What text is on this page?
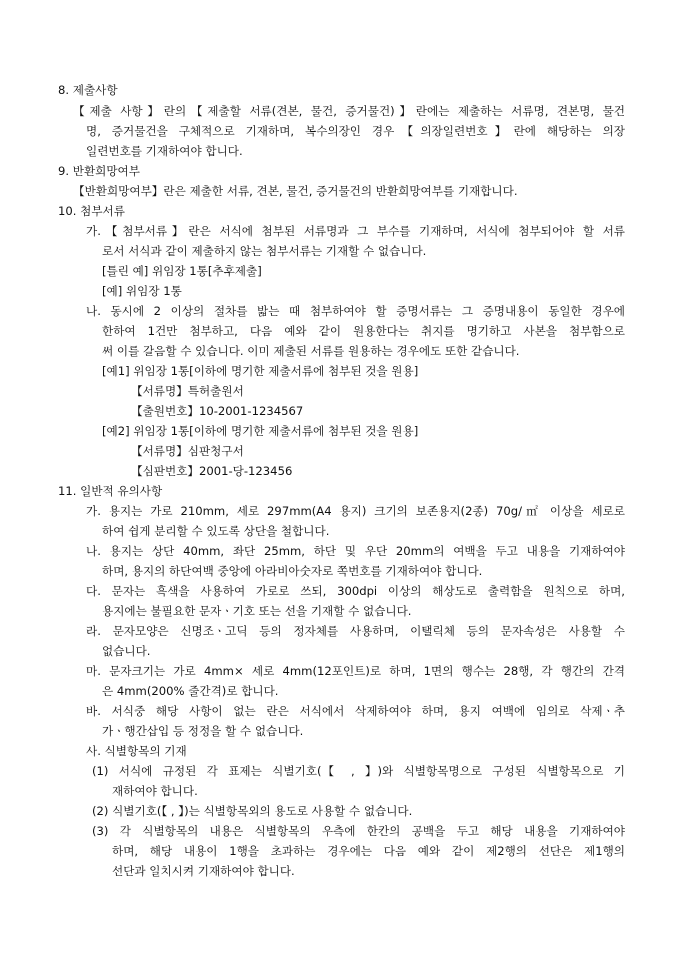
8. 제출사항
【제출 사항】란의【제출할 서류(견본, 물건, 증거물건)】란에는 제출하는 서류명, 견본명, 물건
명, 증거물건을 구체적으로 기재하며, 복수의장인 경우【의장일련번호】란에 해당하는 의장
일련번호를 기재하여야 합니다.
9. 반환희망여부
【반환희망여부】란은 제출한 서류, 견본, 물건, 증거물건의 반환희망여부를 기재합니다.
10. 첨부서류
가.【첨부서류】란은 서식에 첨부된 서류명과 그 부수를 기재하며, 서식에 첨부되어야 할 서류
로서 서식과 같이 제출하지 않는 첨부서류는 기재할 수 없습니다.
[틀린 예] 위임장 1통[추후제출]
[예] 위임장 1통
나. 동시에 2 이상의 절차를 밟는 때 첨부하여야 할 증명서류는 그 증명내용이 동일한 경우에
한하여 1건만 첨부하고, 다음 예와 같이 원용한다는 취지를 명기하고 사본을 첨부함으로
써 이를 갈음할 수 있습니다. 이미 제출된 서류를 원용하는 경우에도 또한 같습니다.
[예1] 위임장 1통[이하에 명기한 제출서류에 첨부된 것을 원용]
【서류명】특허출원서
【출원번호】10-2001-1234567
[예2] 위임장 1통[이하에 명기한 제출서류에 첨부된 것을 원용]
【서류명】심판청구서
【심판번호】2001-당-123456
11. 일반적 유의사항
가. 용지는 가로 210mm, 세로 297mm(A4 용지) 크기의 보존용지(2종) 70g/㎡ 이상을 세로로
하여 쉽게 분리할 수 있도록 상단을 철합니다.
나. 용지는 상단 40mm, 좌단 25mm, 하단 및 우단 20mm의 여백을 두고 내용을 기재하여야
하며, 용지의 하단여백 중앙에 아라비아숫자로 쪽번호를 기재하여야 합니다.
다. 문자는 흑색을 사용하여 가로로 쓰되, 300dpi 이상의 해상도로 출력함을 원칙으로 하며,
용지에는 불필요한 문자ㆍ기호 또는 선을 기재할 수 없습니다.
라. 문자모양은 신명조ㆍ고딕 등의 정자체를 사용하며, 이탤릭체 등의 문자속성은 사용할 수
없습니다.
마. 문자크기는 가로 4mm× 세로 4mm(12포인트)로 하며, 1면의 행수는 28행, 각 행간의 간격
은 4mm(200% 줄간격)로 합니다.
바. 서식중 해당 사항이 없는 란은 서식에서 삭제하여야 하며, 용지 여백에 임의로 삭제ㆍ추
가ㆍ행간삽입 등 정정을 할 수 없습니다.
사. 식별항목의 기재
(1) 서식에 규정된 각 표제는 식별기호(【 , 】)와 식별항목명으로 구성된 식별항목으로 기
재하여야 합니다.
(2) 식별기호(【 , 】)는 식별항목외의 용도로 사용할 수 없습니다.
(3) 각 식별항목의 내용은 식별항목의 우측에 한칸의 공백을 두고 해당 내용을 기재하여야
하며, 해당 내용이 1행을 초과하는 경우에는 다음 예와 같이 제2행의 선단은 제1행의
선단과 일치시켜 기재하여야 합니다.
